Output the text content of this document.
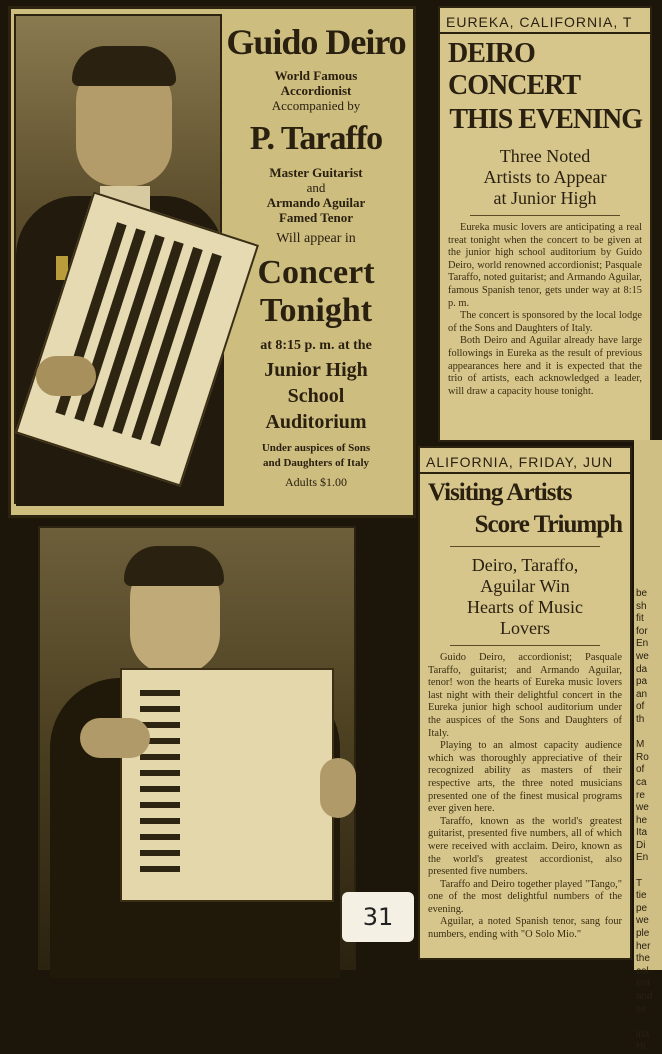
Guido Deiro
World Famous
Accordionist
Accompanied by
P. Taraffo
Master Guitarist
and
Armando Aguilar
Famed Tenor
Will appear in
Concert
Tonight
at 8:15 p. m. at the
Junior High
School
Auditorium
Under auspices of Sons
and Daughters of Italy
Adults $1.00
EUREKA, CALIFORNIA, T
DEIRO CONCERT
THIS EVENING
Three Noted Artists to Appear at Junior High

Eureka music lovers are anticipating a real treat tonight when the concert to be given at the junior high school auditorium by Guido Deiro, world renowned accordionist; Pasquale Taraffo, noted guitarist; and Armando Aguilar, famous Spanish tenor, gets under way at 8:15 p. m.

The concert is sponsored by the local lodge of the Sons and Daughters of Italy.

Both Deiro and Aguilar already have large followings in Eureka as the result of previous appearances here and it is expected that the trio of artists, each acknowledged a leader, will draw a capacity house tonight.

ALIFORNIA, FRIDAY, JUN
Visiting Artists
Score Triumph
Deiro, Taraffo, Aguilar Win Hearts of Music Lovers

Guido Deiro, accordionist; Pasquale Taraffo, guitarist; and Armando Aguilar, tenor! won the hearts of Eureka music lovers last night with their delightful concert in the Eureka junior high school auditorium under the auspices of the Sons and Daughters of Italy.

Playing to an almost capacity audience which was thoroughly appreciative of their recognized ability as masters of their respective arts, the three noted musicians presented one of the finest musical programs ever given here.

Taraffo, known as the world's greatest guitarist, presented five numbers, all of which were received with acclaim. Deiro, known as the world's greatest accordionist, also presented five numbers.

Taraffo and Deiro together played "Tango," one of the most delightful numbers of the evening.

Aguilar, a noted Spanish tenor, sang four numbers, ending with "O Solo Mio."

be
sh
fit
for
En
we
da
pa
an
of
th

M
Ro
of
ca
re
we
he
Ita
Di
En

T
tie
pe
we
ple
her
the
col
ent
and
se

ina
Hi
31
